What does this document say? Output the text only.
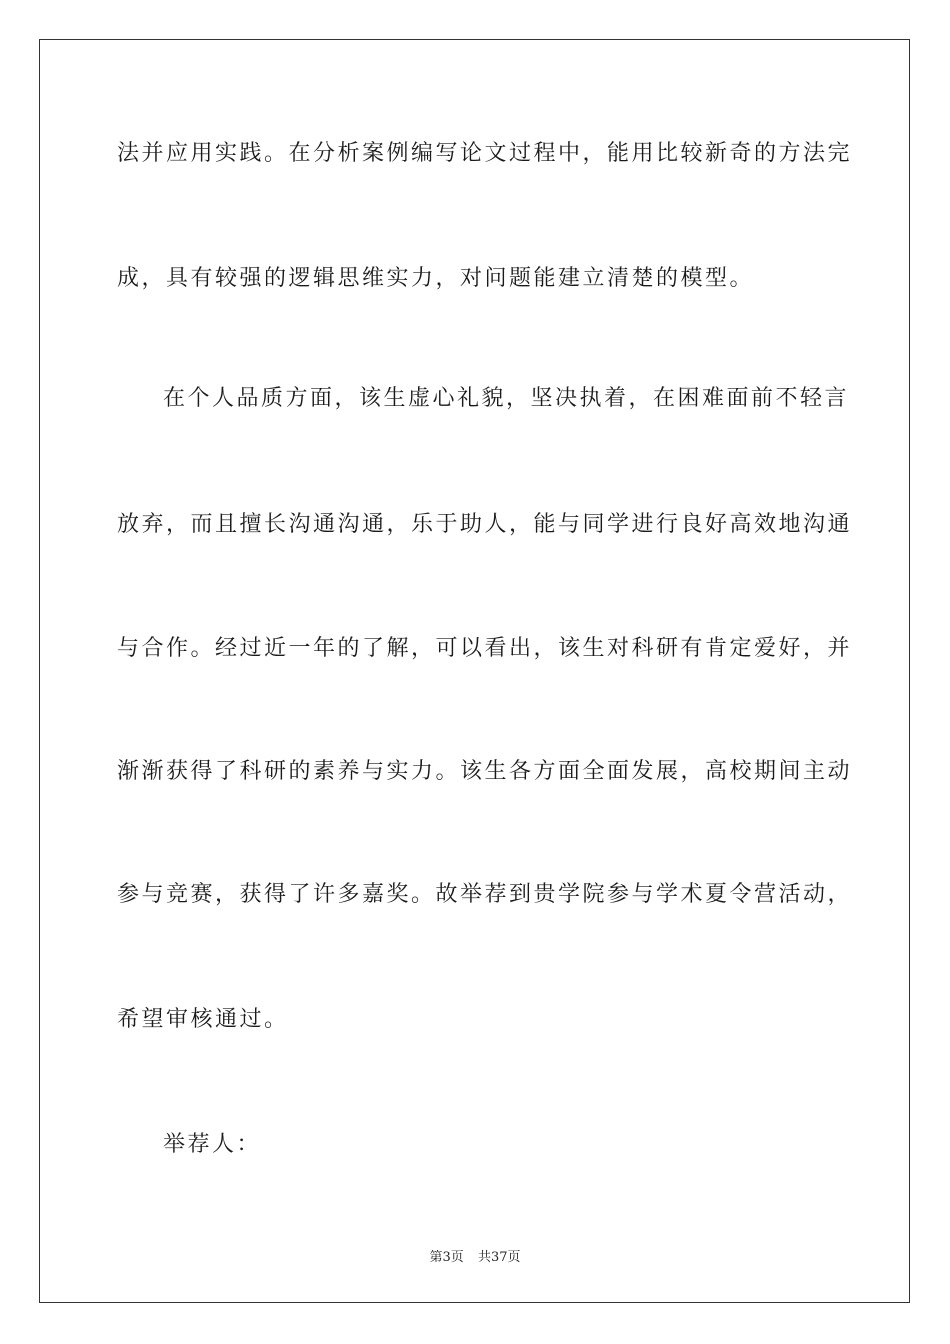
法并应用实践。在分析案例编写论文过程中，能用比较新奇的方法完
成，具有较强的逻辑思维实力，对问题能建立清楚的模型。
在个人品质方面，该生虚心礼貌，坚决执着，在困难面前不轻言
放弃，而且擅长沟通沟通，乐于助人，能与同学进行良好高效地沟通
与合作。经过近一年的了解，可以看出，该生对科研有肯定爱好，并
渐渐获得了科研的素养与实力。该生各方面全面发展，高校期间主动
参与竞赛，获得了许多嘉奖。故举荐到贵学院参与学术夏令营活动，
希望审核通过。
举荐人：
第3页 共37页
